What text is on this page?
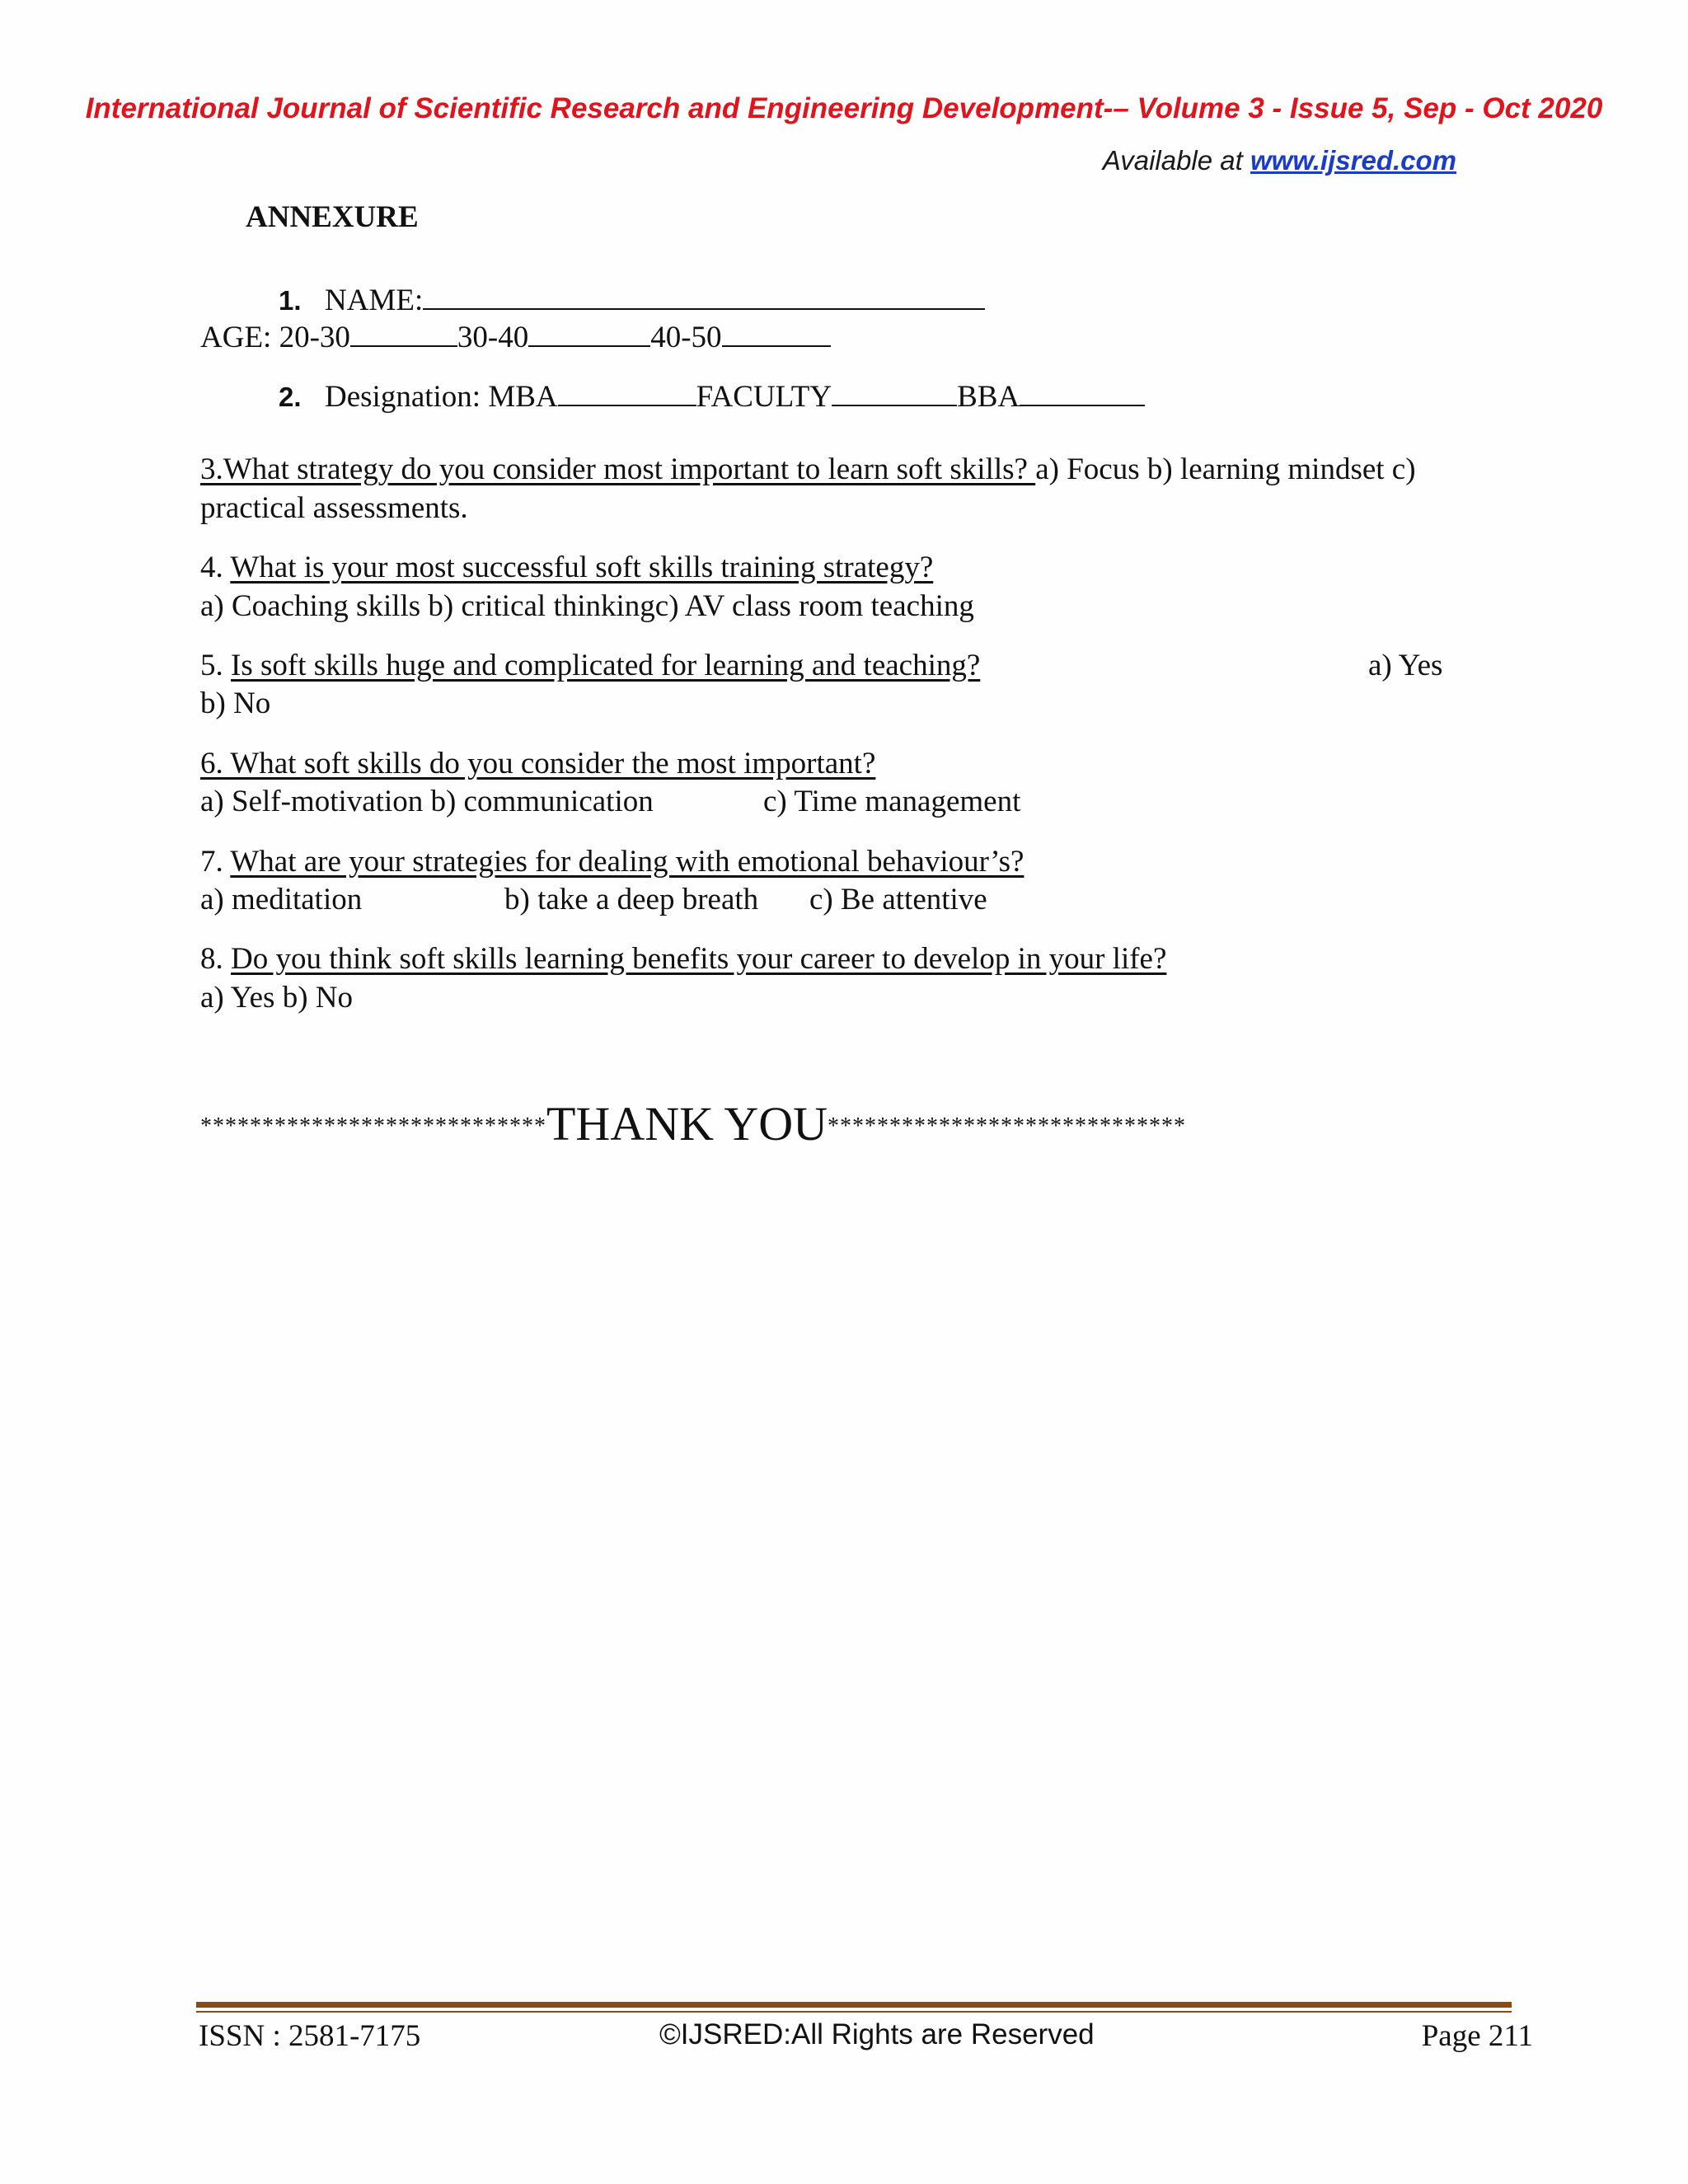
International Journal of Scientific Research and Engineering Development-– Volume 3 - Issue 5, Sep - Oct 2020
Available at www.ijsred.com
ANNEXURE
1. NAME:
AGE: 20-30	30-40	40-50
2. Designation: MBA	FACULTY	BBA
3.What strategy do you consider most important to learn soft skills? a) Focus b) learning mindset c)
practical assessments.
4. What is your most successful soft skills training strategy?
a) Coaching skills b) critical thinkingc) AV class room teaching
5. Is soft skills huge and complicated for learning and teaching?	a) Yes
b) No
6. What soft skills do you consider the most important?
a) Self-motivation b) communication	c) Time management
7. What are your strategies for dealing with emotional behaviour’s?
a) meditation	b) take a deep breath c) Be attentive
8. Do you think soft skills learning benefits your career to develop in your life?
a) Yes b) No
****************************THANK YOU*****************************
ISSN : 2581-7175	©IJSRED:All Rights are Reserved	Page 211
